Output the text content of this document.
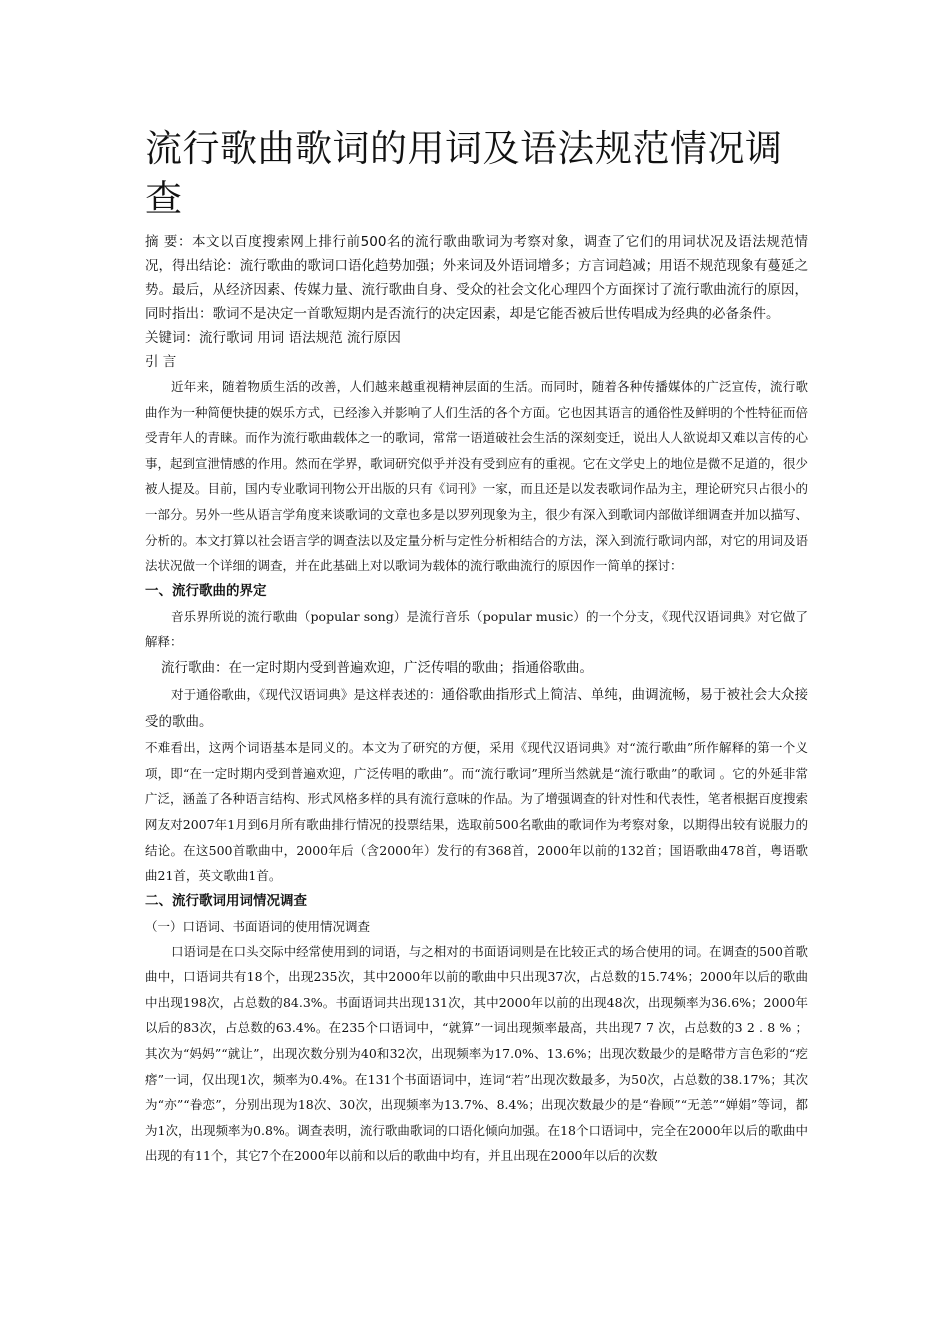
流行歌曲歌词的用词及语法规范情况调查

摘 要：本文以百度搜索网上排行前500名的流行歌曲歌词为考察对象，调查了它们的用词状况及语法规范情况，得出结论：流行歌曲的歌词口语化趋势加强；外来词及外语词增多；方言词趋减；用语不规范现象有蔓延之势。最后，从经济因素、传媒力量、流行歌曲自身、受众的社会文化心理四个方面探讨了流行歌曲流行的原因，同时指出：歌词不是决定一首歌短期内是否流行的决定因素，却是它能否被后世传唱成为经典的必备条件。

关键词：流行歌词 用词 语法规范 流行原因

引 言

近年来，随着物质生活的改善，人们越来越重视精神层面的生活。而同时，随着各种传播媒体的广泛宣传，流行歌曲作为一种简便快捷的娱乐方式，已经渗入并影响了人们生活的各个方面。它也因其语言的通俗性及鲜明的个性特征而倍受青年人的青睐。而作为流行歌曲载体之一的歌词，常常一语道破社会生活的深刻变迁，说出人人欲说却又难以言传的心事，起到宣泄情感的作用。然而在学界，歌词研究似乎并没有受到应有的重视。它在文学史上的地位是微不足道的，很少被人提及。目前，国内专业歌词刊物公开出版的只有《词刊》一家，而且还是以发表歌词作品为主，理论研究只占很小的一部分。另外一些从语言学角度来谈歌词的文章也多是以罗列现象为主，很少有深入到歌词内部做详细调查并加以描写、分析的。本文打算以社会语言学的调查法以及定量分析与定性分析相结合的方法，深入到流行歌词内部，对它的用词及语法状况做一个详细的调查，并在此基础上对以歌词为载体的流行歌曲流行的原因作一简单的探讨：

一、流行歌曲的界定

音乐界所说的流行歌曲（popular song）是流行音乐（popular music）的一个分支，《现代汉语词典》对它做了解释：

流行歌曲：在一定时期内受到普遍欢迎，广泛传唱的歌曲；指通俗歌曲。

对于通俗歌曲，《现代汉语词典》是这样表述的：通俗歌曲指形式上简洁、单纯，曲调流畅，易于被社会大众接受的歌曲。

不难看出，这两个词语基本是同义的。本文为了研究的方便，采用《现代汉语词典》对“流行歌曲”所作解释的第一个义项，即“在一定时期内受到普遍欢迎，广泛传唱的歌曲”。而“流行歌词”理所当然就是“流行歌曲”的歌词 。它的外延非常广泛，涵盖了各种语言结构、形式风格多样的具有流行意味的作品。为了增强调查的针对性和代表性，笔者根据百度搜索网友对2007年1月到6月所有歌曲排行情况的投票结果，选取前500名歌曲的歌词作为考察对象，以期得出较有说服力的结论。在这500首歌曲中，2000年后（含2000年）发行的有368首，2000年以前的132首；国语歌曲478首，粤语歌曲21首，英文歌曲1首。

二、流行歌词用词情况调查

（一）口语词、书面语词的使用情况调查

口语词是在口头交际中经常使用到的词语，与之相对的书面语词则是在比较正式的场合使用的词。在调查的500首歌曲中，口语词共有18个，出现235次，其中2000年以前的歌曲中只出现37次，占总数的15.74%；2000年以后的歌曲中出现198次，占总数的84.3%。书面语词共出现131次，其中2000年以前的出现48次，出现频率为36.6%；2000年以后的83次，占总数的63.4%。在235个口语词中，“就算”一词出现频率最高，共出现7 7 次，占总数的3 2 . 8 % ；其次为“妈妈”“就让”，出现次数分别为40和32次，出现频率为17.0%、13.6%；出现次数最少的是略带方言色彩的“疙瘩”一词，仅出现1次，频率为0.4%。在131个书面语词中，连词“若”出现次数最多，为50次，占总数的38.17%；其次为“亦”“眷恋”，分别出现为18次、30次，出现频率为13.7%、8.4%；出现次数最少的是“眷顾”“无恙”“婵娟”等词，都为1次，出现频率为0.8%。调查表明，流行歌曲歌词的口语化倾向加强。在18个口语词中，完全在2000年以后的歌曲中出现的有11个，其它7个在2000年以前和以后的歌曲中均有，并且出现在2000年以后的次数
